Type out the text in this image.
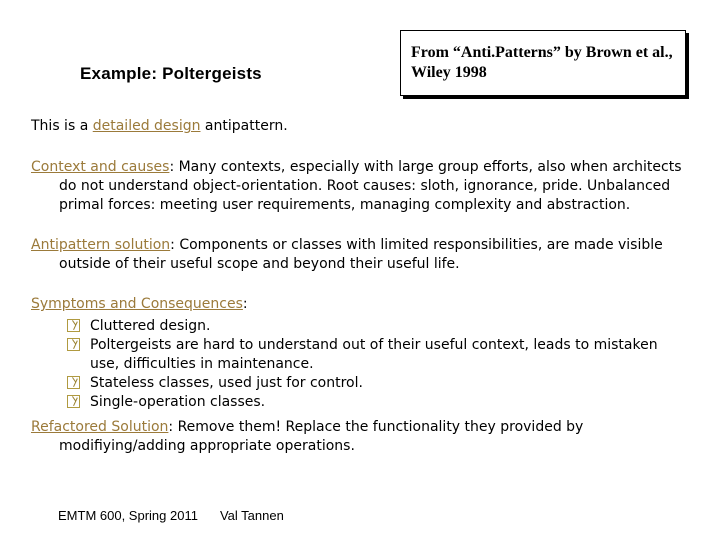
Example: Poltergeists
From “Anti.Patterns” by Brown et al., Wiley 1998
This is a detailed design antipattern.
Context and causes: Many contexts, especially with large group efforts, also when architects
do not understand object-orientation. Root causes: sloth, ignorance, pride. Unbalanced primal forces: meeting user requirements, managing complexity and abstraction.
Antipattern solution: Components or classes with limited responsibilities, are made visible
outside of their useful scope and beyond their useful life.
Symptoms and Consequences:
Cluttered design.
Poltergeists are hard to understand out of their useful context, leads to mistaken
use, difficulties in maintenance.
Stateless classes, used just for control.
Single-operation classes.
Refactored Solution: Remove them! Replace the functionality they provided by
modifiying/adding appropriate operations.
EMTM 600, Spring 2011 Val Tannen
